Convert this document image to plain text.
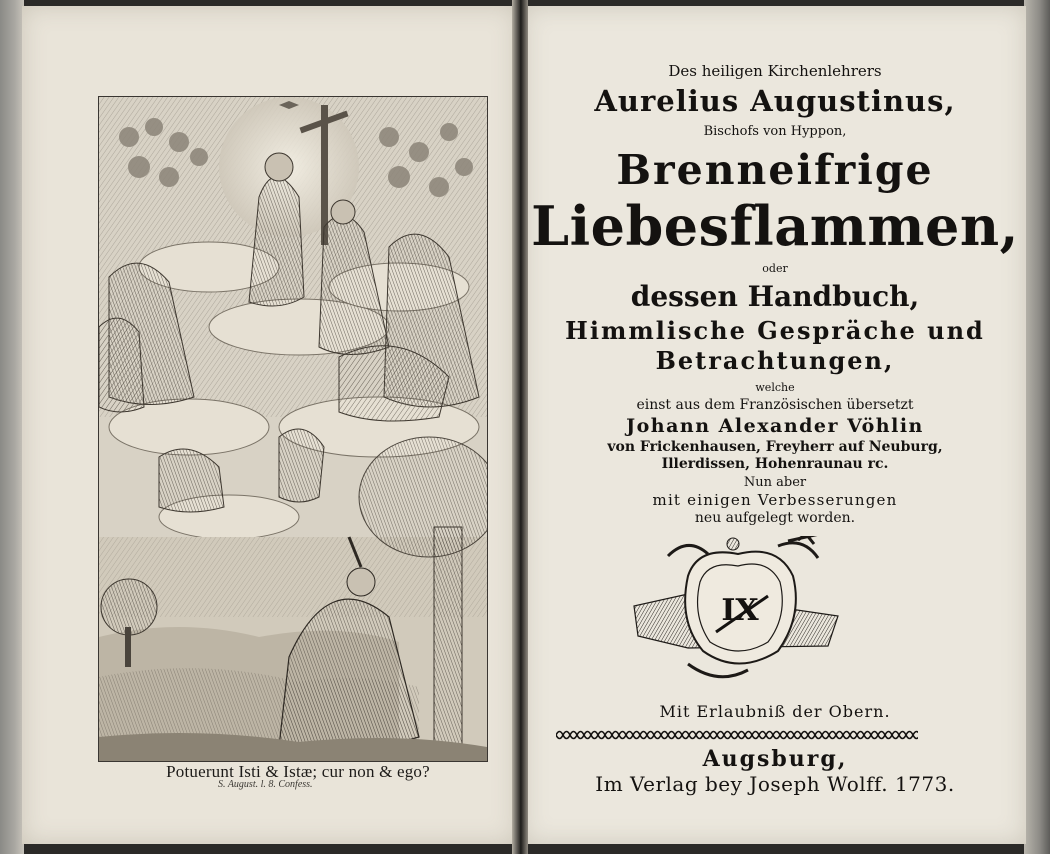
Potuerunt Isti & Istæ; cur non & ego?
S. August. l. 8. Confess.
Des heiligen Kirchenlehrers
Aurelius Augustinus,
Bischofs von Hyppon,
Brenneifrige
Liebesflammen,
oder
dessen Handbuch,
Himmlische Gespräche und
Betrachtungen,
welche
einst aus dem Französischen übersetzt
Johann Alexander Vöhlin
von Frickenhausen, Freyherr auf Neuburg,
Illerdissen, Hohenraunau rc.
Nun aber
mit einigen Verbesserungen
neu aufgelegt worden.
Mit Erlaubniß der Obern.
Augsburg,
Im Verlag bey Joseph Wolff. 1773.
IX
